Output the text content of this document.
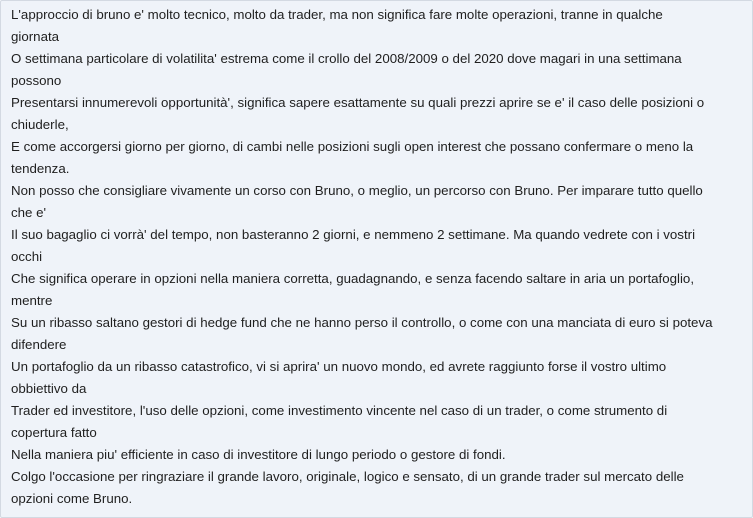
L'approccio di bruno e' molto tecnico, molto da trader, ma non significa fare molte operazioni, tranne in qualche
giornata
O settimana particolare di volatilita' estrema come il crollo del 2008/2009 o del 2020 dove magari in una settimana
possono
Presentarsi innumerevoli opportunità', significa sapere esattamente su quali prezzi aprire se e' il caso delle posizioni o
chiuderle,
E come accorgersi giorno per giorno, di cambi nelle posizioni sugli open interest che possano confermare o meno la
tendenza.
Non posso che consigliare vivamente un corso con Bruno, o meglio, un percorso con Bruno. Per imparare tutto quello
che e'
Il suo bagaglio ci vorrà' del tempo, non basteranno 2 giorni, e nemmeno 2 settimane. Ma quando vedrete con i vostri
occhi
Che significa operare in opzioni nella maniera corretta, guadagnando, e senza facendo saltare in aria un portafoglio,
mentre
Su un ribasso saltano gestori di hedge fund che ne hanno perso il controllo, o come con una manciata di euro si poteva
difendere
Un portafoglio da un ribasso catastrofico, vi si aprira' un nuovo mondo, ed avrete raggiunto forse il vostro ultimo
obbiettivo da
Trader ed investitore, l'uso delle opzioni, come investimento vincente nel caso di un trader, o come strumento di
copertura fatto
Nella maniera piu' efficiente in caso di investitore di lungo periodo o gestore di fondi.
Colgo l'occasione per ringraziare il grande lavoro, originale, logico e sensato, di un grande trader sul mercato delle
opzioni come Bruno.
